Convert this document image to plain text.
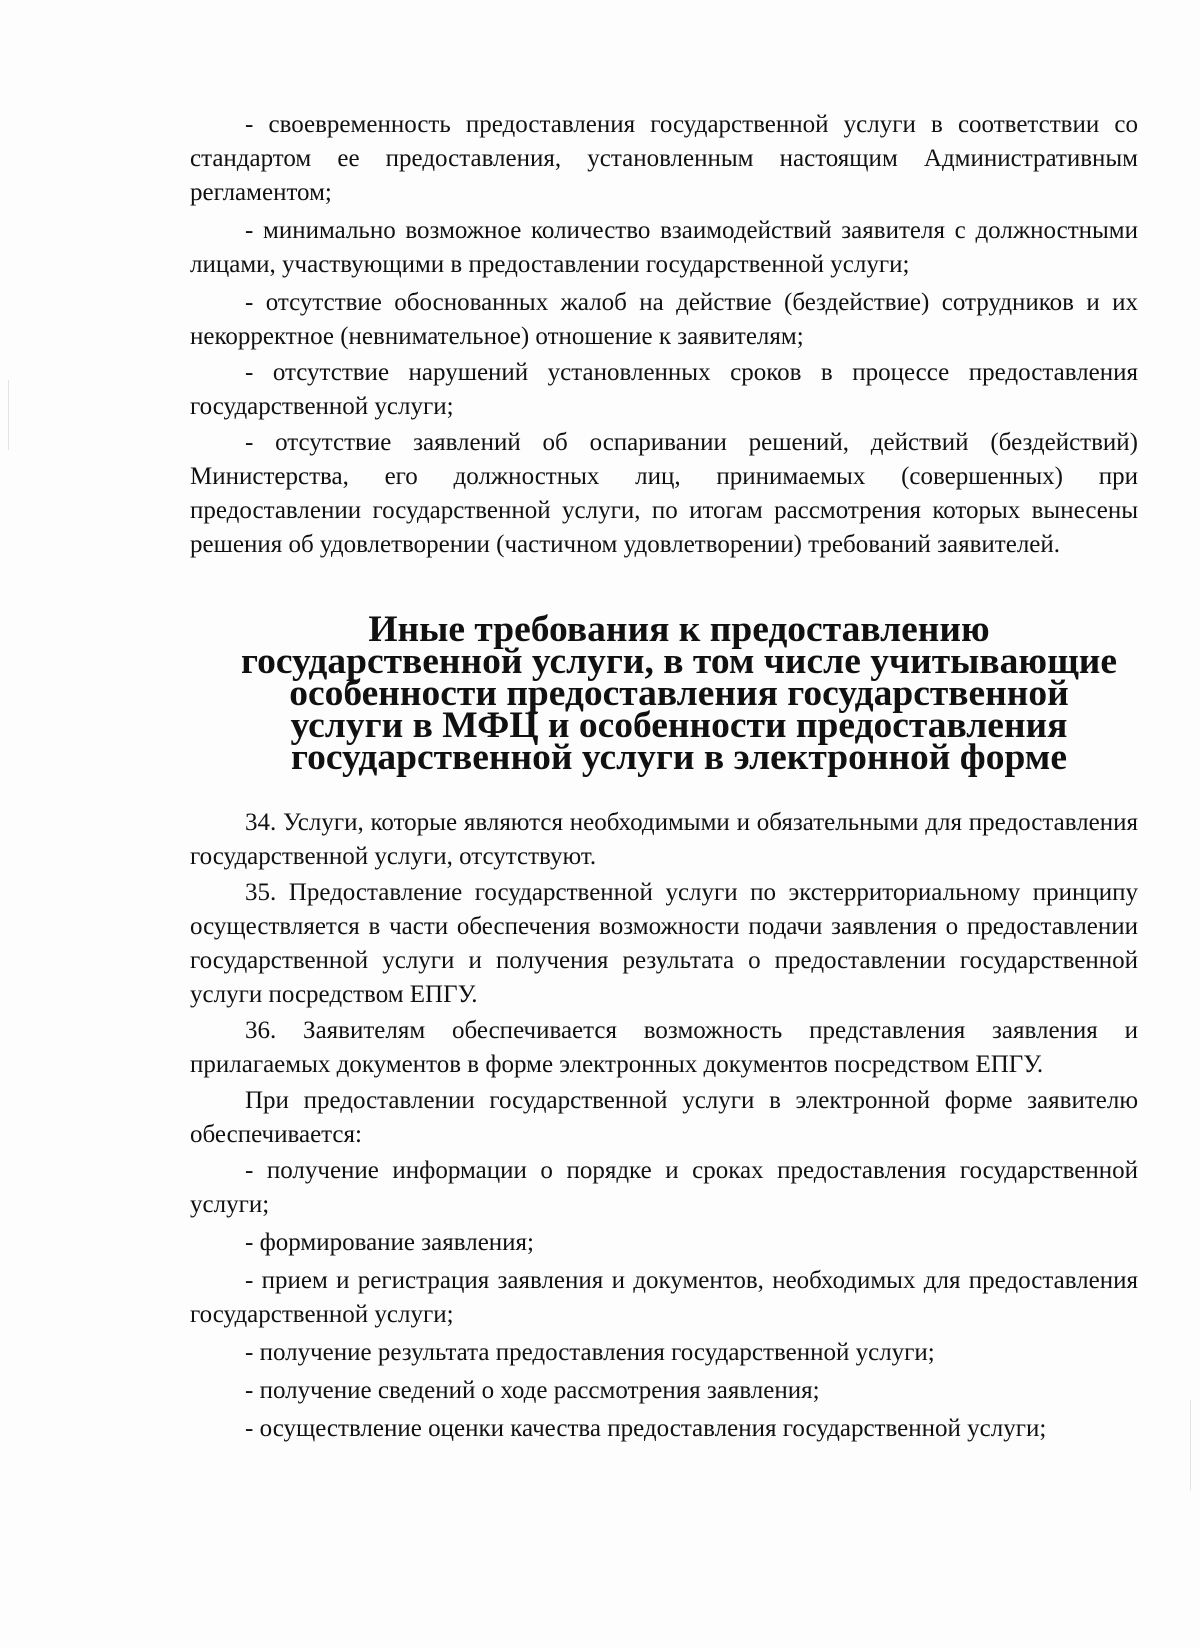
- своевременность предоставления государственной услуги в соответствии со стандартом ее предоставления, установленным настоящим Административным регламентом;

- минимально возможное количество взаимодействий заявителя с должностными лицами, участвующими в предоставлении государственной услуги;

- отсутствие обоснованных жалоб на действие (бездействие) сотрудников и их некорректное (невнимательное) отношение к заявителям;

- отсутствие нарушений установленных сроков в процессе предоставления государственной услуги;

- отсутствие заявлений об оспаривании решений, действий (бездействий) Министерства, его должностных лиц, принимаемых (совершенных) при предоставлении государственной услуги, по итогам рассмотрения которых вынесены решения об удовлетворении (частичном удовлетворении) требований заявителей.

Иные требования к предоставлению государственной услуги, в том числе учитывающие особенности предоставления государственной услуги в МФЦ и особенности предоставления государственной услуги в электронной форме

34. Услуги, которые являются необходимыми и обязательными для предоставления государственной услуги, отсутствуют.

35. Предоставление государственной услуги по экстерриториальному принципу осуществляется в части обеспечения возможности подачи заявления о предоставлении государственной услуги и получения результата о предоставлении государственной услуги посредством ЕПГУ.

36. Заявителям обеспечивается возможность представления заявления и прилагаемых документов в форме электронных документов посредством ЕПГУ.

При предоставлении государственной услуги в электронной форме заявителю обеспечивается:

- получение информации о порядке и сроках предоставления государственной услуги;

- формирование заявления;

- прием и регистрация заявления и документов, необходимых для предоставления государственной услуги;

- получение результата предоставления государственной услуги;

- получение сведений о ходе рассмотрения заявления;

- осуществление оценки качества предоставления государственной услуги;
